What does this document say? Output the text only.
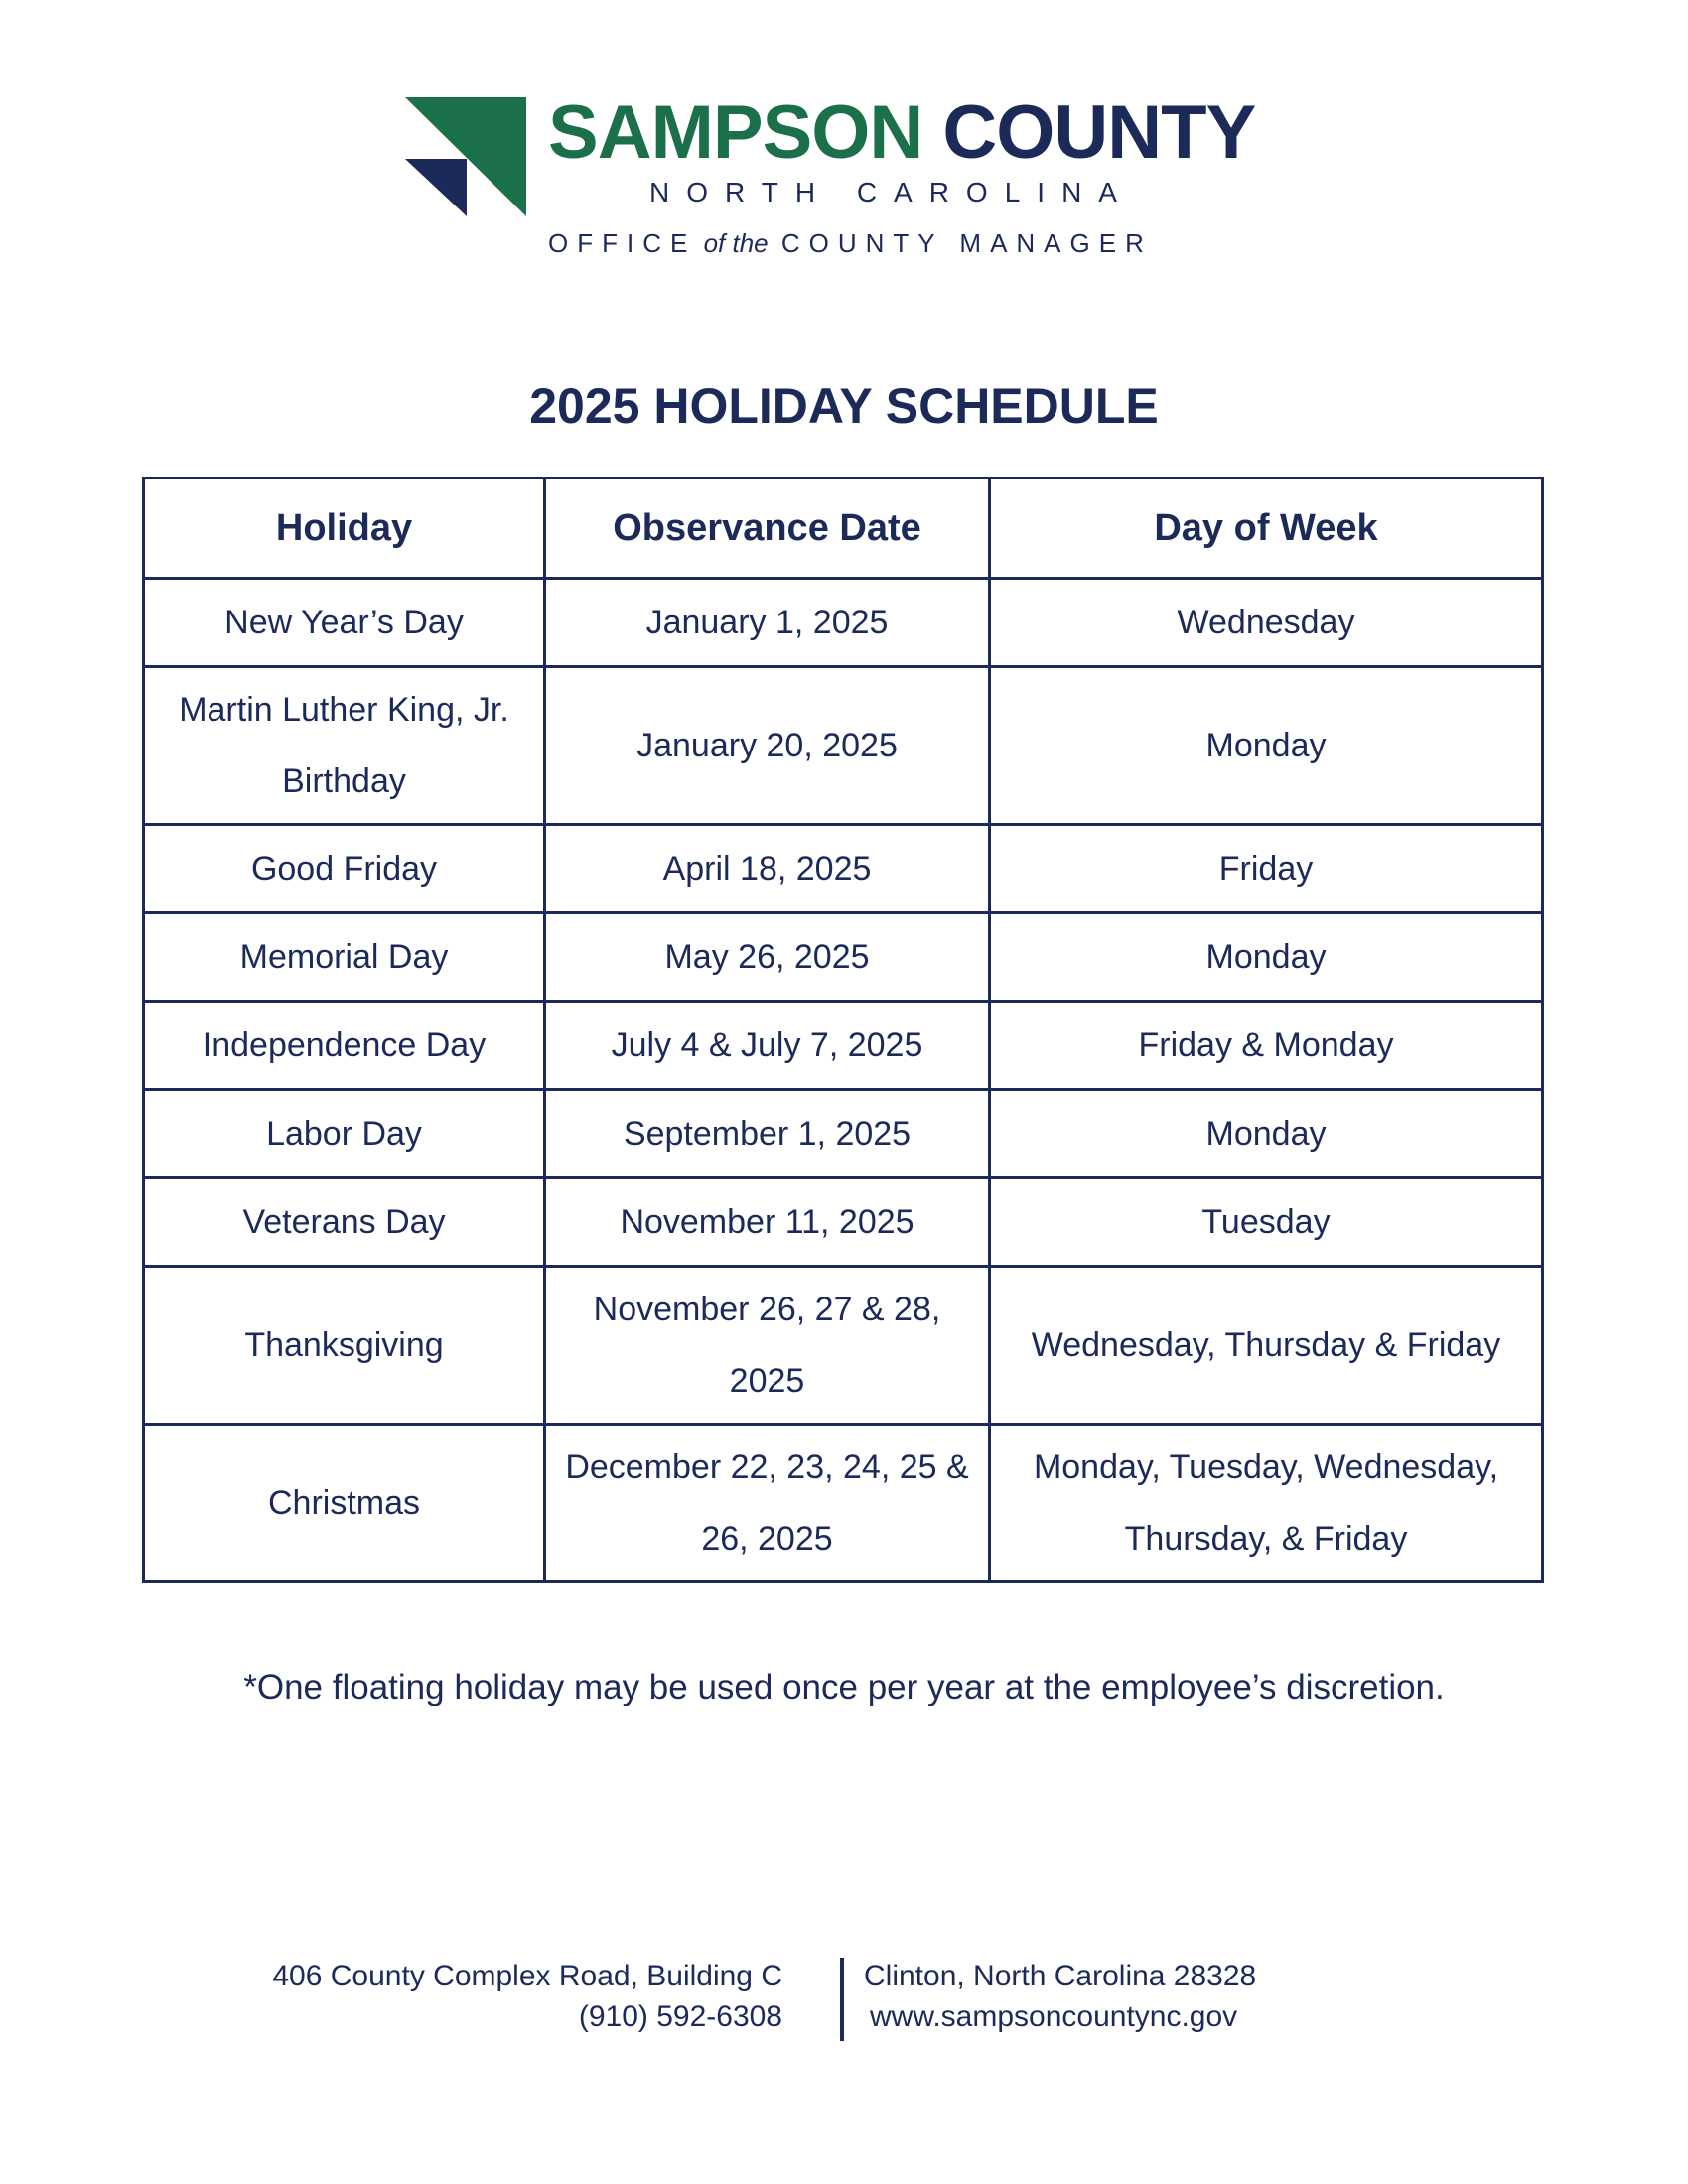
SAMPSON COUNTY
NORTH CAROLINA
OFFICE of the COUNTY MANAGER
2025 HOLIDAY SCHEDULE
Holiday	Observance Date	Day of Week
New Year’s Day	January 1, 2025	Wednesday
Martin Luther King, Jr. Birthday	January 20, 2025	Monday
Good Friday	April 18, 2025	Friday
Memorial Day	May 26, 2025	Monday
Independence Day	July 4 & July 7, 2025	Friday & Monday
Labor Day	September 1, 2025	Monday
Veterans Day	November 11, 2025	Tuesday
Thanksgiving	November 26, 27 & 28, 2025	Wednesday, Thursday & Friday
Christmas	December 22, 23, 24, 25 & 26, 2025	Monday, Tuesday, Wednesday, Thursday, & Friday
*One floating holiday may be used once per year at the employee’s discretion.
406 County Complex Road, Building C
(910) 592-6308
Clinton, North Carolina 28328
www.sampsoncountync.gov
